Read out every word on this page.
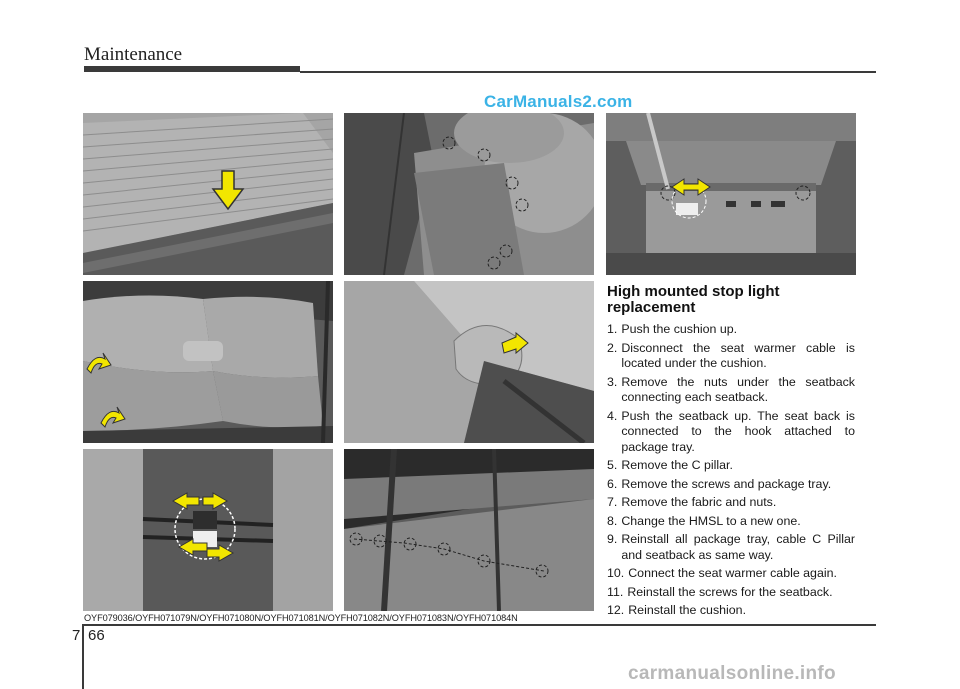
Maintenance
CarManuals2.com
OYF079036/OYFH071079N/OYFH071080N/OYFH071081N/OYFH071082N/OYFH071083N/OYFH071084N
High mounted stop light replacement
1. Push the cushion up.
2. Disconnect the seat warmer cable is located under the cushion.
3. Remove the nuts under the seatback connecting each seatback.
4. Push the seatback up. The seat back is connected to the hook attached to package tray.
5. Remove the C pillar.
6. Remove the screws and package tray.
7. Remove the fabric and nuts.
8. Change the HMSL to a new one.
9. Reinstall all package tray, cable C Pillar and seatback as same way.
10. Connect the seat warmer cable again.
11. Reinstall the screws for the seatback.
12. Reinstall the cushion.
7 66
carmanualsonline.info
